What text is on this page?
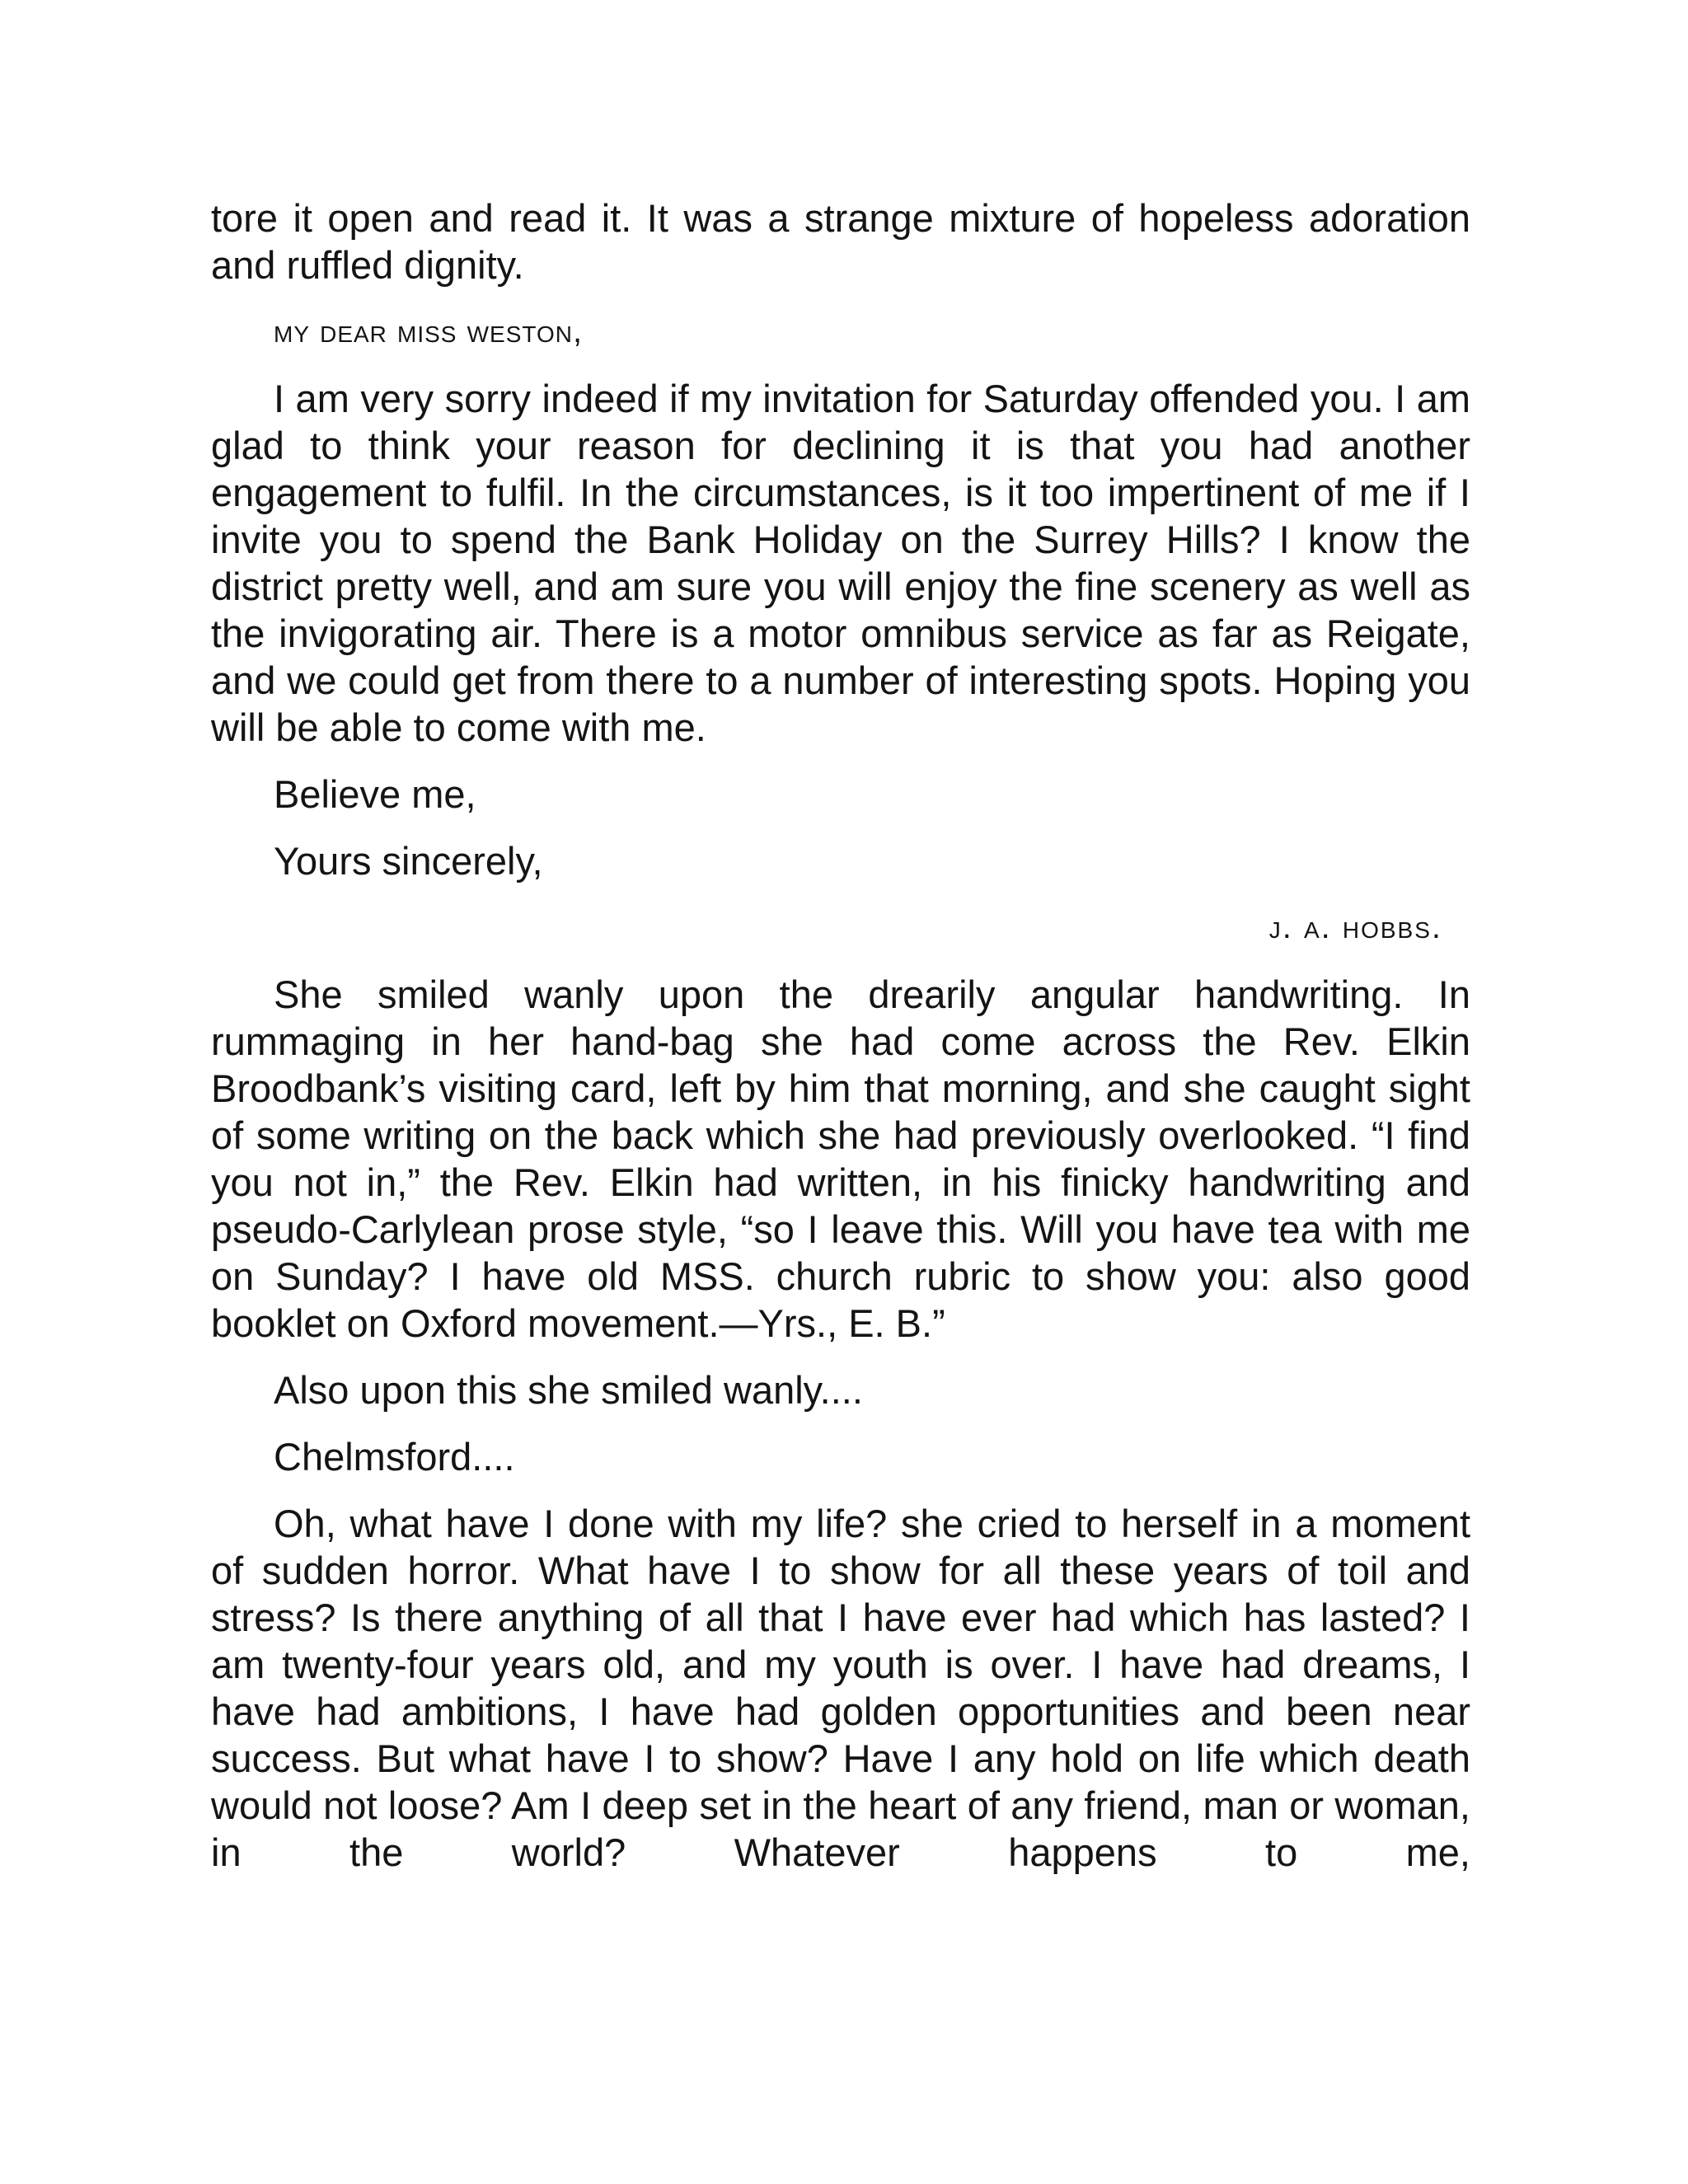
tore it open and read it. It was a strange mixture of hopeless adoration and ruffled dignity.

my dear miss weston,

I am very sorry indeed if my invitation for Saturday offended you. I am glad to think your reason for declining it is that you had another engagement to fulfil. In the circumstances, is it too impertinent of me if I invite you to spend the Bank Holiday on the Surrey Hills? I know the district pretty well, and am sure you will enjoy the fine scenery as well as the invigorating air. There is a motor omnibus service as far as Reigate, and we could get from there to a number of interesting spots. Hoping you will be able to come with me.

Believe me,

Yours sincerely,

j. a. hobbs.

She smiled wanly upon the drearily angular handwriting. In rummaging in her hand-bag she had come across the Rev. Elkin Broodbank’s visiting card, left by him that morning, and she caught sight of some writing on the back which she had previously overlooked. “I find you not in,” the Rev. Elkin had written, in his finicky handwriting and pseudo-Carlylean prose style, “so I leave this. Will you have tea with me on Sunday? I have old MSS. church rubric to show you: also good booklet on Oxford movement.—Yrs., E. B.”

Also upon this she smiled wanly....

Chelmsford....

Oh, what have I done with my life? she cried to herself in a moment of sudden horror. What have I to show for all these years of toil and stress? Is there anything of all that I have ever had which has lasted? I am twenty-four years old, and my youth is over. I have had dreams, I have had ambitions, I have had golden opportunities and been near success. But what have I to show? Have I any hold on life which death would not loose? Am I deep set in the heart of any friend, man or woman, in the world? Whatever happens to me,
